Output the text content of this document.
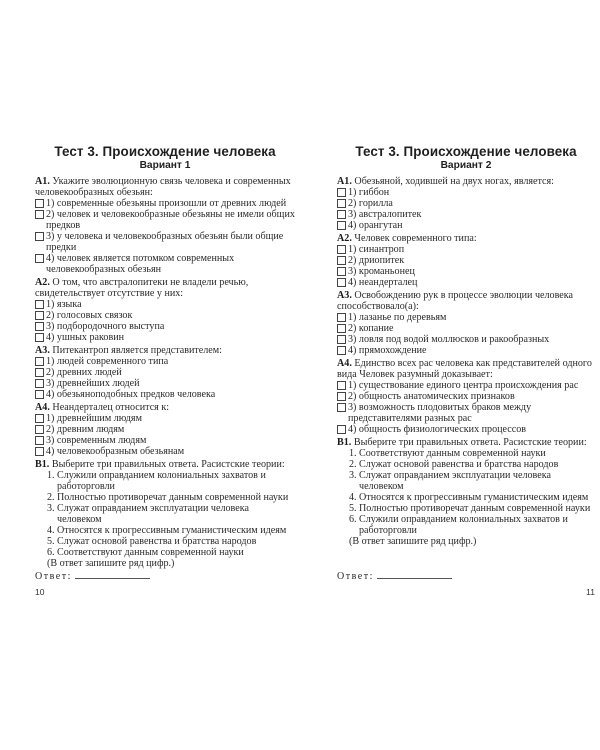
Тест 3. Происхождение человека
Вариант 1
A1. Укажите эволюционную связь человека и современных человекообразных обезьян:
1) современные обезьяны произошли от древних людей
2) человек и человекообразные обезьяны не имели общих предков
3) у человека и человекообразных обезьян были общие предки
4) человек является потомком современных человекообразных обезьян
A2. О том, что австралопитеки не владели речью, свидетельствует отсутствие у них:
1) языка
2) голосовых связок
3) подбородочного выступа
4) ушных раковин
A3. Питекантроп является представителем:
1) людей современного типа
2) древних людей
3) древнейших людей
4) обезьяноподобных предков человека
A4. Неандерталец относится к:
1) древнейшим людям
2) древним людям
3) современным людям
4) человекообразным обезьянам
B1. Выберите три правильных ответа. Расистские теории:
1. Служили оправданием колониальных захватов и работорговли
2. Полностью противоречат данным современной науки
3. Служат оправданием эксплуатации человека человеком
4. Относятся к прогрессивным гуманистическим идеям
5. Служат основой равенства и братства народов
6. Соответствуют данным современной науки
(В ответ запишите ряд цифр.)
Ответ:
10
Тест 3. Происхождение человека
Вариант 2
A1. Обезьяной, ходившей на двух ногах, является:
1) гиббон
2) горилла
3) австралопитек
4) орангутан
A2. Человек современного типа:
1) синантроп
2) дриопитек
3) кроманьонец
4) неандерталец
A3. Освобождению рук в процессе эволюции человека способствовало(а):
1) лазанье по деревьям
2) копание
3) ловля под водой моллюсков и ракообразных
4) прямохождение
A4. Единство всех рас человека как представителей одного вида Человек разумный доказывает:
1) существование единого центра происхождения рас
2) общность анатомических признаков
3) возможность плодовитых браков между представителями разных рас
4) общность физиологических процессов
B1. Выберите три правильных ответа. Расистские теории:
1. Соответствуют данным современной науки
2. Служат основой равенства и братства народов
3. Служат оправданием эксплуатации человека человеком
4. Относятся к прогрессивным гуманистическим идеям
5. Полностью противоречат данным современной науки
6. Служили оправданием колониальных захватов и работорговли
(В ответ запишите ряд цифр.)
Ответ:
11
